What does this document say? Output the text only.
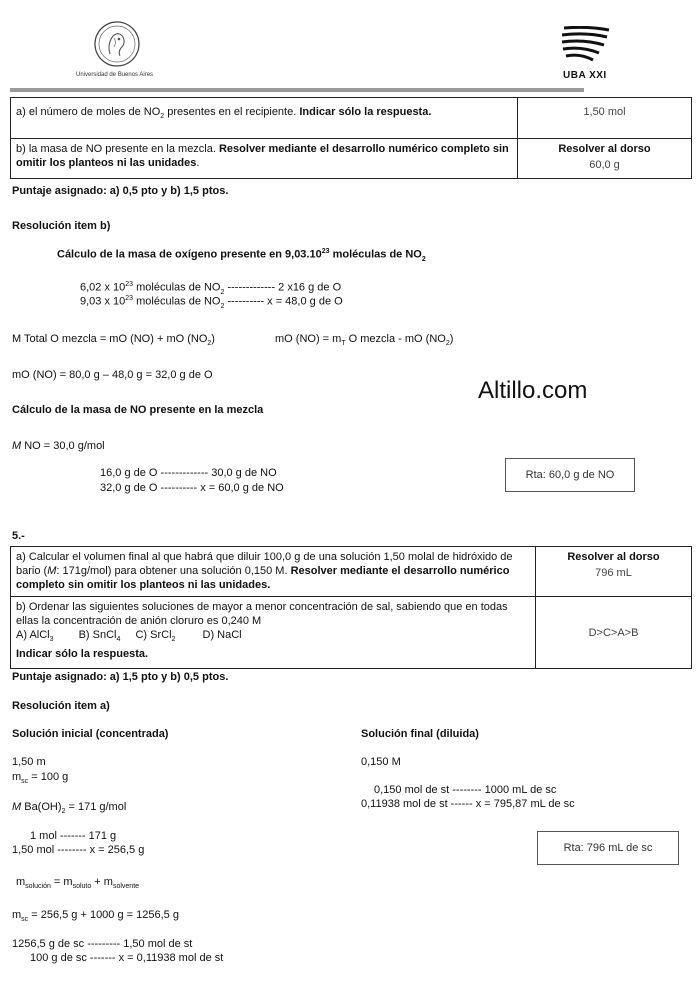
Universidad de Buenos Aires	UBA XXI
a) el número de moles de $NO_2$ presentes en el recipiente. Indicar sólo la respuesta.	1,50 mol
b) la masa de NO presente en la mezcla. Resolver mediante el desarrollo numérico completo sin omitir los planteos ni las unidades.	Resolver al dorso
60,0 g
Puntaje asignado: a) 0,5 pto y b) 1,5 ptos.
Resolución item b)
Cálculo de la masa de oxígeno presente en 9,03.10$^{23}$ moléculas de $NO_2$
6,02 x $10^{23}$ moléculas de $NO_2$ ------------- 2 x16 g de O
9,03 x $10^{23}$ moléculas de $NO_2$ ---------- x = 48,0 g de O
M Total O mezcla = mO (NO) + mO $(NO_2)$	mO $(NO) = m_T$ O mezcla - mO $(NO_2)$
mO (NO) = 80,0 g – 48,0 g = 32,0 g de O
Cálculo de la masa de NO presente en la mezcla
M NO = 30,0 g/mol
16,0 g de O ------------- 30,0 g de NO
32,0 g de O ---------- x = 60,0 g de NO
Rta: 60,0 g de NO
Altillo.com
5.-
a) Calcular el volumen final al que habrá que diluir 100,0 g de una solución 1,50 molal de hidróxido de bario (M: 171g/mol) para obtener una solución 0,150 M. Resolver mediante el desarrollo numérico completo sin omitir los planteos ni las unidades.	Resolver al dorso
796 mL

b) Ordenar las siguientes soluciones de mayor a menor concentración de sal, sabiendo que en todas ellas la concentración de anión cloruro es 0,240 M
A) AlCl$_3$ B) SnCl$_4$ C) SrCl$_2$ D) NaCl
Indicar sólo la respuesta.	D>C>A>B
Puntaje asignado: a) 1,5 pto y b) 0,5 ptos.
Resolución item a)
Solución inicial (concentrada)	Solución final (diluida)
1,50 m
$m_{sc} = 100$ g
M $Ba(OH)_2 = 171$ g/mol
1 mol ------- 171 g
1,50 mol -------- x = 256,5 g
$m_{solución} = m_{soluto} + m_{solvente}$
$m_{sc} = 256,5$ g + 1000 g = 1256,5 g
1256,5 g de sc --------- 1,50 mol de st
100 g de sc ------- x = 0,11938 mol de st
0,150 M
0,150 mol de st -------- 1000 mL de sc
0,11938 mol de st ------ x = 795,87 mL de sc
Rta: 796 mL de sc
